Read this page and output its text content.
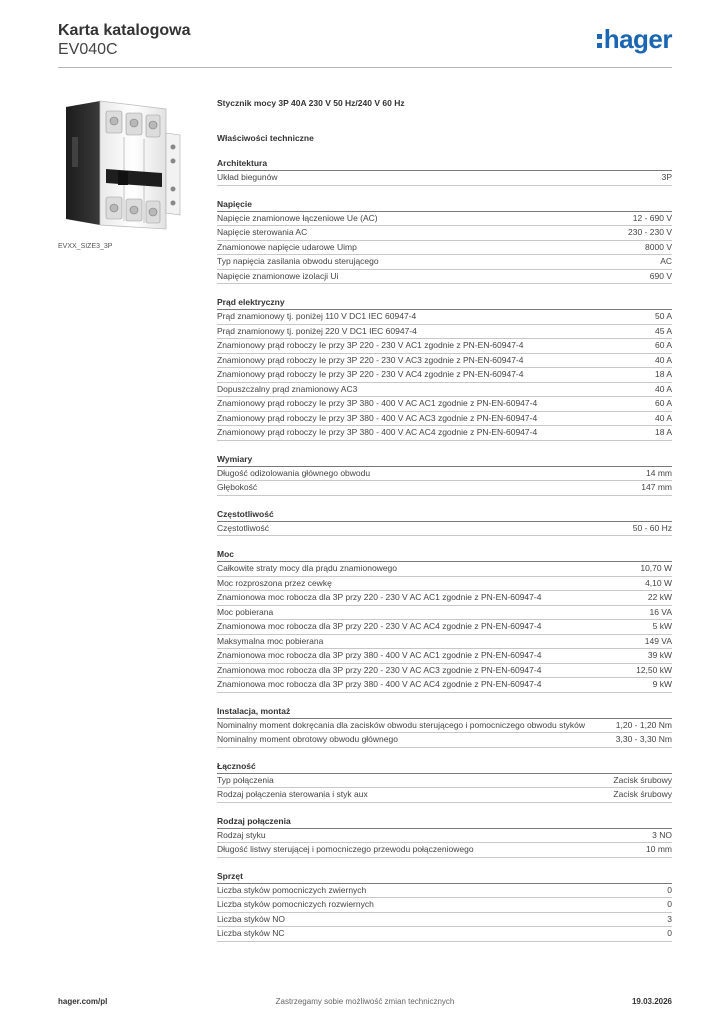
Karta katalogowa
EV040C	hager
EVXX_SIZE3_3P
Stycznik mocy 3P 40A 230 V 50 Hz/240 V 60 Hz
Właściwości techniczne
Architektura
Układ biegunów	3P
Napięcie
Napięcie znamionowe łączeniowe Ue (AC)	12 - 690 V
Napięcie sterowania AC	230 - 230 V
Znamionowe napięcie udarowe Uimp	8000 V
Typ napięcia zasilania obwodu sterującego	AC
Napięcie znamionowe izolacji Ui	690 V
Prąd elektryczny
Prąd znamionowy tj. poniżej 110 V DC1 IEC 60947-4	50 A
Prąd znamionowy tj. poniżej 220 V DC1 IEC 60947-4	45 A
Znamionowy prąd roboczy Ie przy 3P 220 - 230 V AC1 zgodnie z PN-EN-60947-4	60 A
Znamionowy prąd roboczy Ie przy 3P 220 - 230 V AC3 zgodnie z PN-EN-60947-4	40 A
Znamionowy prąd roboczy Ie przy 3P 220 - 230 V AC4 zgodnie z PN-EN-60947-4	18 A
Dopuszczalny prąd znamionowy AC3	40 A
Znamionowy prąd roboczy Ie przy 3P 380 - 400 V AC AC1 zgodnie z PN-EN-60947-4	60 A
Znamionowy prąd roboczy Ie przy 3P 380 - 400 V AC AC3 zgodnie z PN-EN-60947-4	40 A
Znamionowy prąd roboczy Ie przy 3P 380 - 400 V AC AC4 zgodnie z PN-EN-60947-4	18 A
Wymiary
Długość odizolowania głównego obwodu	14 mm
Głębokość	147 mm
Częstotliwość
Częstotliwość	50 - 60 Hz
Moc
Całkowite straty mocy dla prądu znamionowego	10,70 W
Moc rozproszona przez cewkę	4,10 W
Znamionowa moc robocza dla 3P przy 220 - 230 V AC AC1 zgodnie z PN-EN-60947-4	22 kW
Moc pobierana	16 VA
Znamionowa moc robocza dla 3P przy 220 - 230 V AC AC4 zgodnie z PN-EN-60947-4	5 kW
Maksymalna moc pobierana	149 VA
Znamionowa moc robocza dla 3P przy 380 - 400 V AC AC1 zgodnie z PN-EN-60947-4	39 kW
Znamionowa moc robocza dla 3P przy 220 - 230 V AC AC3 zgodnie z PN-EN-60947-4	12,50 kW
Znamionowa moc robocza dla 3P przy 380 - 400 V AC AC4 zgodnie z PN-EN-60947-4	9 kW
Instalacja, montaż
Nominalny moment dokręcania dla zacisków obwodu sterującego i pomocniczego obwodu styków	1,20 - 1,20 Nm
Nominalny moment obrotowy obwodu głównego	3,30 - 3,30 Nm
Łączność
Typ połączenia	Zacisk śrubowy
Rodzaj połączenia sterowania i styk aux	Zacisk śrubowy
Rodzaj połączenia
Rodzaj styku	3 NO
Długość listwy sterującej i pomocniczego przewodu połączeniowego	10 mm
Sprzęt
Liczba styków pomocniczych zwiernych	0
Liczba styków pomocniczych rozwiernych	0
Liczba styków NO	3
Liczba styków NC	0
Zastrzegamy sobie możliwość zmian technicznych
hager.com/pl	19.03.2026
